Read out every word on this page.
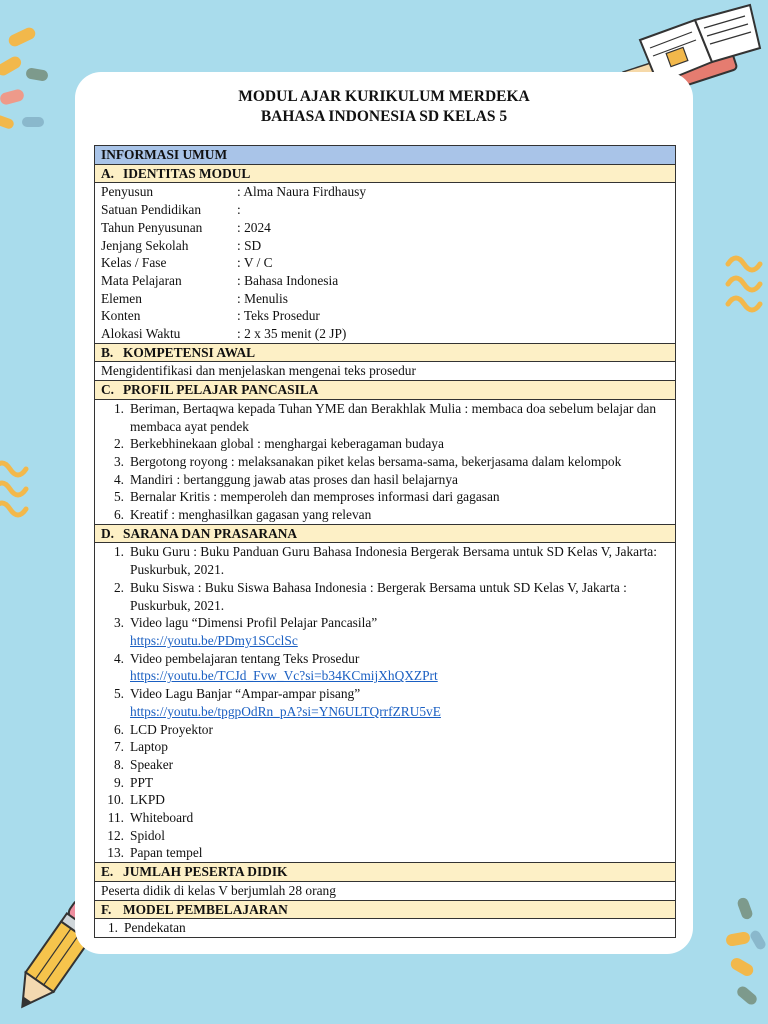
MODUL AJAR KURIKULUM MERDEKA
BAHASA INDONESIA SD KELAS 5
INFORMASI UMUM
A. IDENTITAS MODUL
Penyusun	: Alma Naura Firdhausy
Satuan Pendidikan	:
Tahun Penyusunan	: 2024
Jenjang Sekolah	: SD
Kelas / Fase	: V / C
Mata Pelajaran	: Bahasa Indonesia
Elemen	: Menulis
Konten	: Teks Prosedur
Alokasi Waktu	: 2 x 35 menit (2 JP)
B. KOMPETENSI AWAL
Mengidentifikasi dan menjelaskan mengenai teks prosedur
C. PROFIL PELAJAR PANCASILA
1. Beriman, Bertaqwa kepada Tuhan YME dan Berakhlak Mulia : membaca doa sebelum belajar dan membaca ayat pendek
2. Berkebhinekaan global : menghargai keberagaman budaya
3. Bergotong royong : melaksanakan piket kelas bersama-sama, bekerjasama dalam kelompok
4. Mandiri : bertanggung jawab atas proses dan hasil belajarnya
5. Bernalar Kritis : memperoleh dan memproses informasi dari gagasan
6. Kreatif : menghasilkan gagasan yang relevan
D. SARANA DAN PRASARANA
1. Buku Guru : Buku Panduan Guru Bahasa Indonesia Bergerak Bersama untuk SD Kelas V, Jakarta: Puskurbuk, 2021.
2. Buku Siswa : Buku Siswa Bahasa Indonesia : Bergerak Bersama untuk SD Kelas V, Jakarta : Puskurbuk, 2021.
3. Video lagu “Dimensi Profil Pelajar Pancasila”
https://youtu.be/PDmy1SCclSc
4. Video pembelajaran tentang Teks Prosedur
https://youtu.be/TCJd_Fvw_Vc?si=b34KCmijXhQXZPrt
5. Video Lagu Banjar “Ampar-ampar pisang”
https://youtu.be/tpgpOdRn_pA?si=YN6ULTQrrfZRU5vE
6. LCD Proyektor
7. Laptop
8. Speaker
9. PPT
10. LKPD
11. Whiteboard
12. Spidol
13. Papan tempel
E. JUMLAH PESERTA DIDIK
Peserta didik di kelas V berjumlah 28 orang
F. MODEL PEMBELAJARAN
1. Pendekatan
